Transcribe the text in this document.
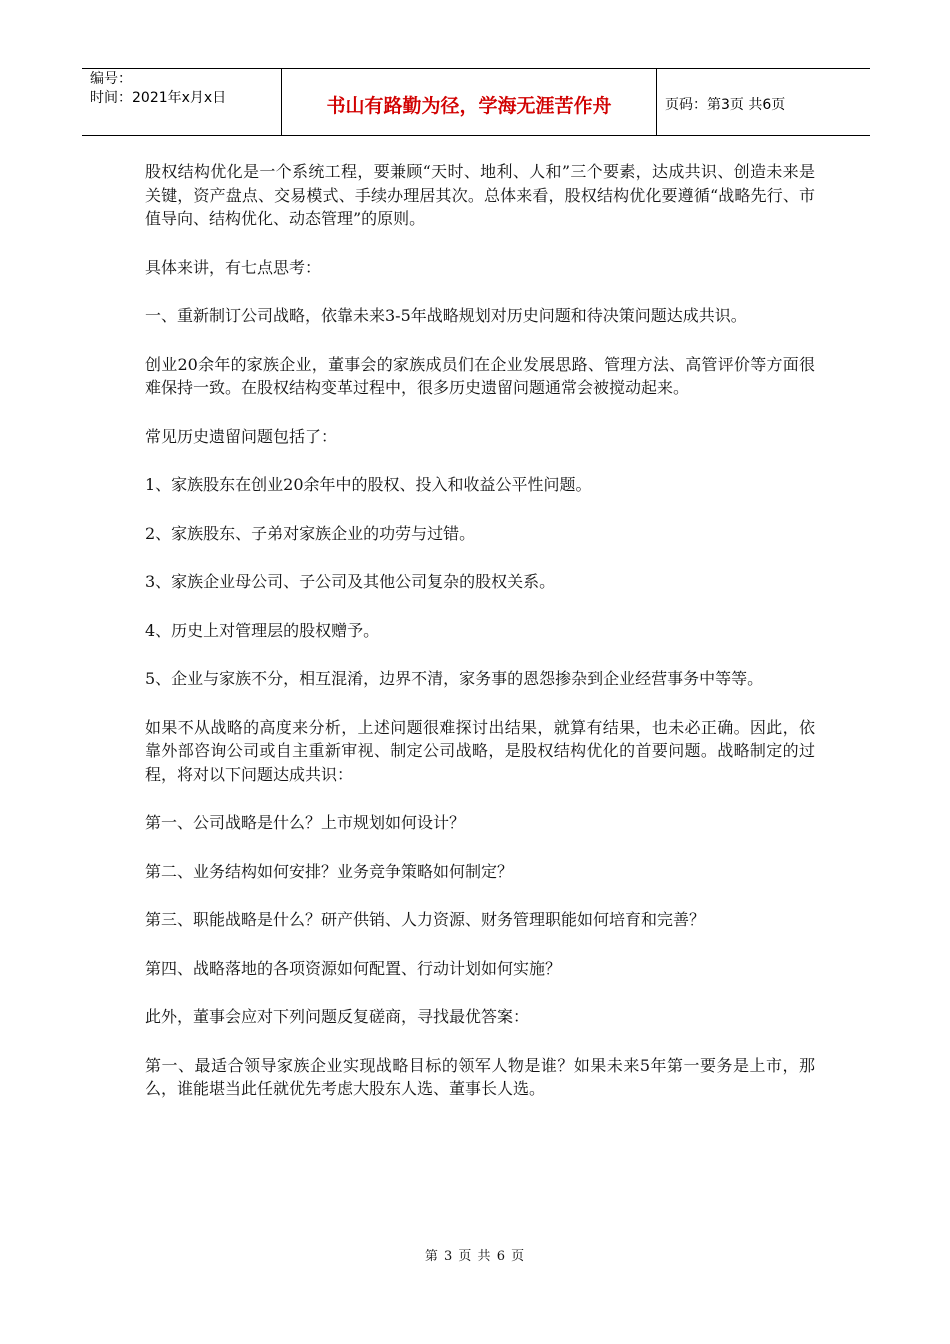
编号：
时间：2021年x月x日	书山有路勤为径，学海无涯苦作舟	页码：第3页 共6页

股权结构优化是一个系统工程，要兼顾“天时、地利、人和”三个要素，达成共识、创造未来是关键，资产盘点、交易模式、手续办理居其次。总体来看，股权结构优化要遵循“战略先行、市值导向、结构优化、动态管理”的原则。

具体来讲，有七点思考：

一、重新制订公司战略，依靠未来3-5年战略规划对历史问题和待决策问题达成共识。

创业20余年的家族企业，董事会的家族成员们在企业发展思路、管理方法、高管评价等方面很难保持一致。在股权结构变革过程中，很多历史遗留问题通常会被搅动起来。

常见历史遗留问题包括了：

1、家族股东在创业20余年中的股权、投入和收益公平性问题。

2、家族股东、子弟对家族企业的功劳与过错。

3、家族企业母公司、子公司及其他公司复杂的股权关系。

4、历史上对管理层的股权赠予。

5、企业与家族不分，相互混淆，边界不清，家务事的恩怨掺杂到企业经营事务中等等。

如果不从战略的高度来分析，上述问题很难探讨出结果，就算有结果，也未必正确。因此，依靠外部咨询公司或自主重新审视、制定公司战略，是股权结构优化的首要问题。战略制定的过程，将对以下问题达成共识：

第一、公司战略是什么？上市规划如何设计？

第二、业务结构如何安排？业务竞争策略如何制定？

第三、职能战略是什么？研产供销、人力资源、财务管理职能如何培育和完善？

第四、战略落地的各项资源如何配置、行动计划如何实施？

此外，董事会应对下列问题反复磋商，寻找最优答案：

第一、最适合领导家族企业实现战略目标的领军人物是谁？如果未来5年第一要务是上市，那么，谁能堪当此任就优先考虑大股东人选、董事长人选。

第 3 页 共 6 页
